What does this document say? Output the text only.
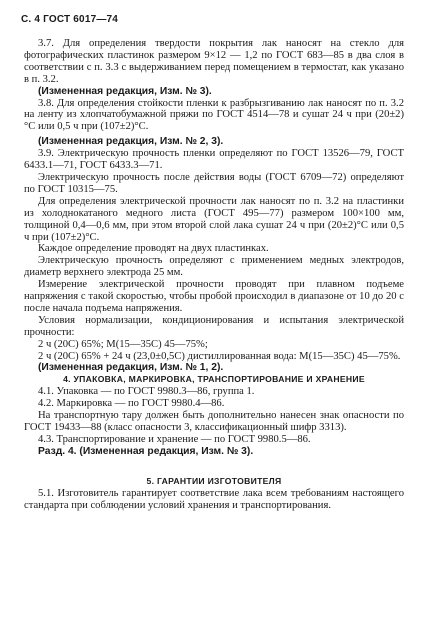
С. 4 ГОСТ 6017—74

3.7. Для определения твердости покрытия лак наносят на стекло для фотографических пластинок размером 9×12 — 1,2 по ГОСТ 683—85 в два слоя в соответствии с п. 3.3 с выдерживанием перед помещением в термостат, как указано в п. 3.2.

(Измененная редакция, Изм. № 3).

3.8. Для определения стойкости пленки к разбрызгиванию лак наносят по п. 3.2 на ленту из хлопчатобумажной пряжи по ГОСТ 4514—78 и сушат 24 ч при (20±2)°С или 0,5 ч при (107±2)°С.

(Измененная редакция, Изм. № 2, 3).

3.9. Электрическую прочность пленки определяют по ГОСТ 13526—79, ГОСТ 6433.1—71, ГОСТ 6433.3—71.

Электрическую прочность после действия воды (ГОСТ 6709—72) определяют по ГОСТ 10315—75.

Для определения электрической прочности лак наносят по п. 3.2 на пластинки из холоднокатаного медного листа (ГОСТ 495—77) размером 100×100 мм, толщиной 0,4—0,6 мм, при этом второй слой лака сушат 24 ч при (20±2)°С или 0,5 ч при (107±2)°С.

Каждое определение проводят на двух пластинках.

Электрическую прочность определяют с применением медных электродов, диаметр верхнего электрода 25 мм.

Измерение электрической прочности проводят при плавном подъеме напряжения с такой скоростью, чтобы пробой происходил в диапазоне от 10 до 20 с после начала подъема напряжения.

Условия нормализации, кондиционирования и испытания электрической прочности:

2 ч (20С) 65%; М(15—35С) 45—75%;

2 ч (20С) 65% + 24 ч (23,0±0,5С) дистиллированная вода: М(15—35С) 45—75%.

(Измененная редакция, Изм. № 1, 2).

4. УПАКОВКА, МАРКИРОВКА, ТРАНСПОРТИРОВАНИЕ И ХРАНЕНИЕ

4.1. Упаковка — по ГОСТ 9980.3—86, группа 1.

4.2. Маркировка — по ГОСТ 9980.4—86.

На транспортную тару должен быть дополнительно нанесен знак опасности по ГОСТ 19433—88 (класс опасности 3, классификационный шифр 3313).

4.3. Транспортирование и хранение — по ГОСТ 9980.5—86.

Разд. 4. (Измененная редакция, Изм. № 3).

5. ГАРАНТИИ ИЗГОТОВИТЕЛЯ

5.1. Изготовитель гарантирует соответствие лака всем требованиям настоящего стандарта при соблюдении условий хранения и транспортирования.
